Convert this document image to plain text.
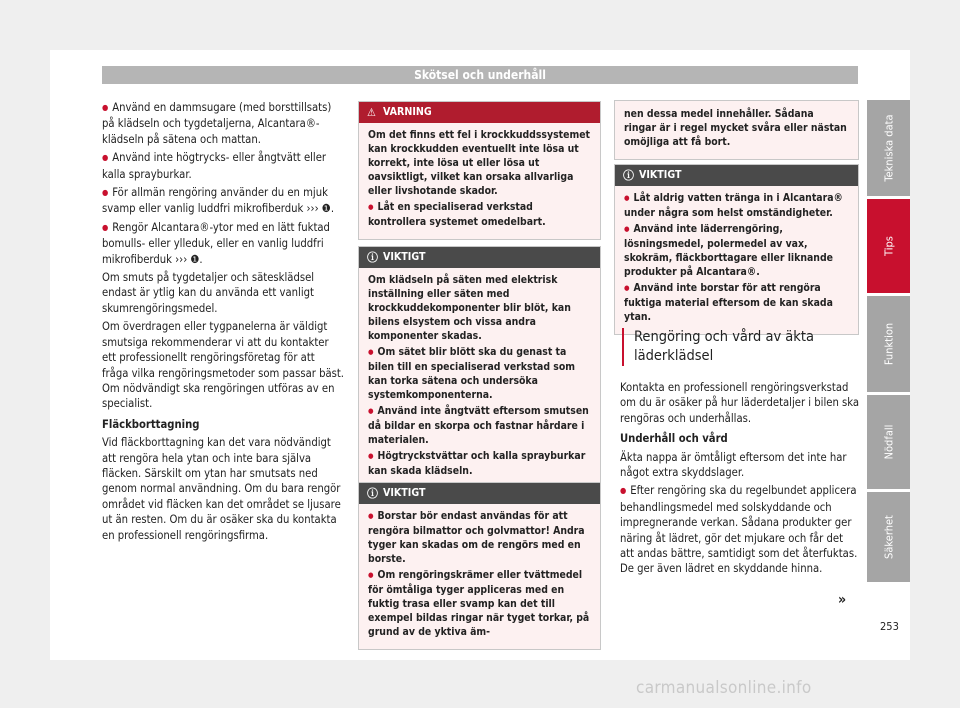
Skötsel och underhåll

● Använd en dammsugare (med borsttillsats) på klädseln och tygdetaljerna, Alcantara®-klädseln på sätena och mattan.

● Använd inte högtrycks- eller ångtvätt eller kalla sprayburkar.

● För allmän rengöring använder du en mjuk svamp eller vanlig luddfri mikrofiberduk ››› ❶.

● Rengör Alcantara®-ytor med en lätt fuktad bomulls- eller ylleduk, eller en vanlig luddfri mikrofiberduk ››› ❶.

Om smuts på tygdetaljer och sätesklädsel endast är ytlig kan du använda ett vanligt skumrengöringsmedel.

Om överdragen eller tygpanelerna är väldigt smutsiga rekommenderar vi att du kontakter ett professionellt rengöringsföretag för att fråga vilka rengöringsmetoder som passar bäst. Om nödvändigt ska rengöringen utföras av en specialist.

Fläckborttagning

Vid fläckborttagning kan det vara nödvändigt att rengöra hela ytan och inte bara själva fläcken. Särskilt om ytan har smutsats ned genom normal användning. Om du bara rengör området vid fläcken kan det området se ljusare ut än resten. Om du är osäker ska du kontakta en professionell rengöringsfirma.

⚠ VARNING

Om det finns ett fel i krockkuddssystemet kan krockkudden eventuellt inte lösa ut korrekt, inte lösa ut eller lösa ut oavsiktligt, vilket kan orsaka allvarliga eller livshotande skador.

● Låt en specialiserad verkstad kontrollera systemet omedelbart.

ⓘ VIKTIGT

Om klädseln på säten med elektrisk inställning eller säten med krockkuddekomponenter blir blöt, kan bilens elsystem och vissa andra komponenter skadas.

● Om sätet blir blött ska du genast ta bilen till en specialiserad verkstad som kan torka sätena och undersöka systemkomponenterna.

● Använd inte ångtvätt eftersom smutsen då bildar en skorpa och fastnar hårdare i materialen.

● Högtryckstvättar och kalla sprayburkar kan skada klädseln.

ⓘ VIKTIGT

● Borstar bör endast användas för att rengöra bilmattor och golvmattor! Andra tyger kan skadas om de rengörs med en borste.

● Om rengöringskrämer eller tvättmedel för ömtåliga tyger appliceras med en fuktig trasa eller svamp kan det till exempel bildas ringar när tyget torkar, på grund av de yktiva äm-

nen dessa medel innehåller. Sådana ringar är i regel mycket svåra eller nästan omöjliga att få bort.

ⓘ VIKTIGT

● Låt aldrig vatten tränga in i Alcantara® under några som helst omständigheter.

● Använd inte läderrengöring, lösningsmedel, polermedel av vax, skokräm, fläckborttagare eller liknande produkter på Alcantara®.

● Använd inte borstar för att rengöra fuktiga material eftersom de kan skada ytan.

Rengöring och vård av äkta läderklädsel

Kontakta en professionell rengöringsverkstad om du är osäker på hur läderdetaljer i bilen ska rengöras och underhållas.

Underhåll och vård

Äkta nappa är ömtåligt eftersom det inte har något extra skyddslager.

● Efter rengöring ska du regelbundet applicera behandlingsmedel med solskyddande och impregnerande verkan. Sådana produkter ger näring åt lädret, gör det mjukare och får det att andas bättre, samtidigt som det återfuktas. De ger även lädret en skyddande hinna.

»
Tekniska data
Tips
Funktion
Nödfall
Säkerhet
253
carmanualsonline.info
